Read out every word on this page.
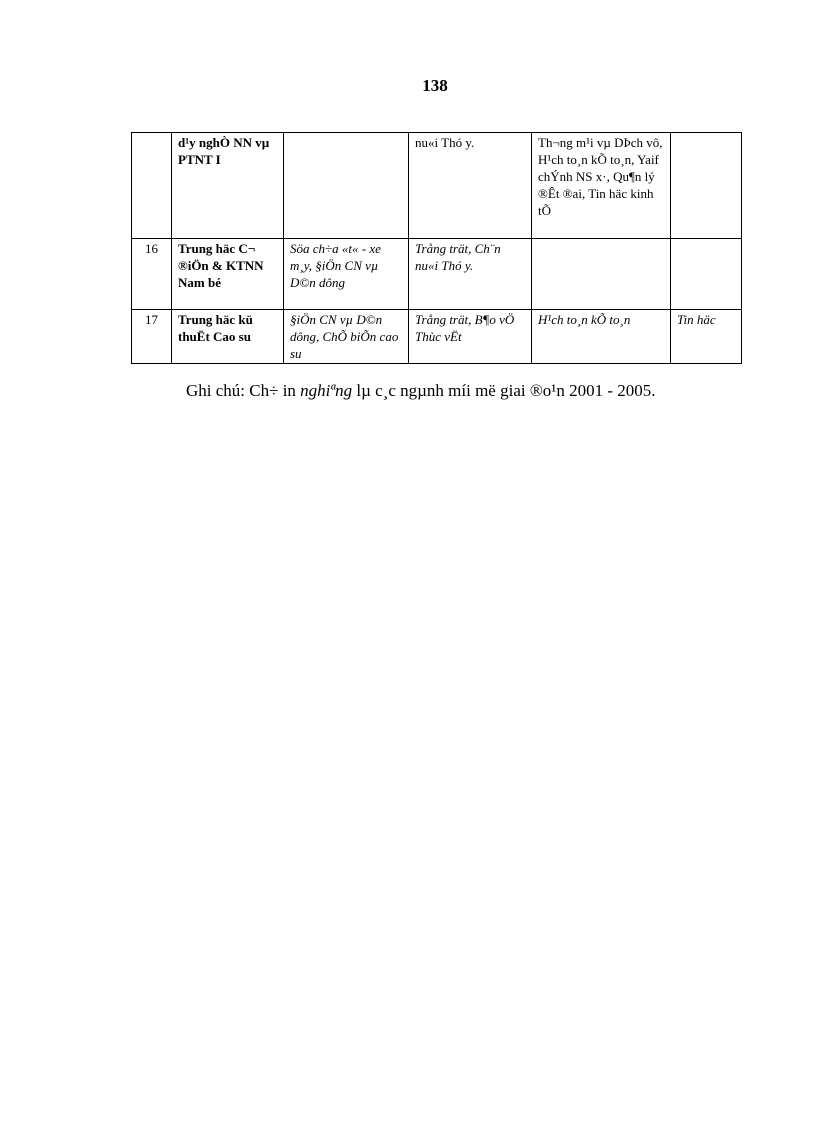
138
	d¹y nghÒ NN vµ PTNT I		nu«i Thó y.	Th¬ng m¹i vµ DÞch vô, H¹ch to¸n kÕ to¸n, Yaif chÝnh NS x·, Qu¶n lý ®Êt ®ai, Tin häc kinh tÕ	
16	Trung häc C¬ ®iÖn & KTNN Nam bé	Söa ch÷a «t« - xe m¸y, §iÖn CN vµ D©n dông	Trång trät, Ch¨n nu«i Thó y.		
17	Trung häc kü thuËt Cao su	§iÖn CN vµ D©n dông, ChÕ biÕn cao su	Trång trät, B¶o vÖ Thùc vËt	H¹ch to¸n kÕ to¸n	Tin häc
Ghi chú: Ch÷ in nghiªng lµ c¸c ngµnh míi më giai ®o¹n 2001 - 2005.
